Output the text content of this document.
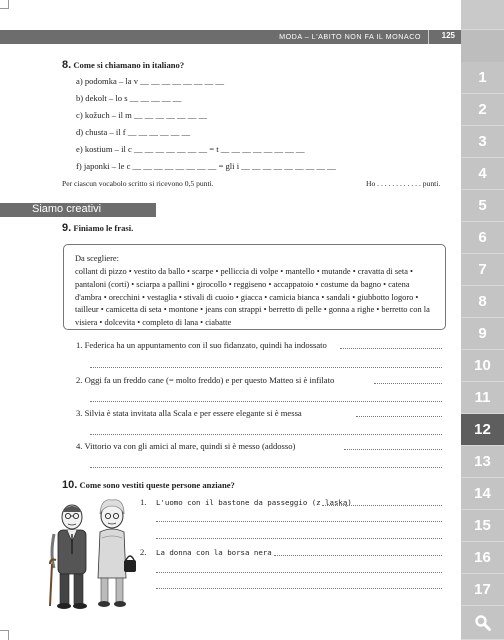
MODA – L'ABITO NON FA IL MONACO	125
1
2
3
4
5
6
7
8
9
10
11
12
13
14
15
16
17
8. Come si chiamano in italiano?
a) podomka – la v __ __ __ __ __ __ __ __
b) dekolt – lo s __ __ __ __ __
c) kožuch – il m __ __ __ __ __ __ __
d) chusta – il f __ __ __ __ __ __
e) kostium – il c __ __ __ __ __ __ __ = t __ __ __ __ __ __ __ __
f) japonki – le c __ __ __ __ __ __ __ __ = gli i __ __ __ __ __ __ __ __ __
Per ciascun vocabolo scritto si ricevono 0,5 punti.	Ho . . . . . . . . . . . . punti.
Siamo creativi
9. Finiamo le frasi.
Da scegliere:
collant di pizzo • vestito da ballo • scarpe • pelliccia di volpe • mantello • mutande • cravatta di seta • pantaloni (corti) • sciarpa a pallini • girocollo • reggiseno • accappatoio • costume da bagno • catena d'ambra • orecchini • vestaglia • stivali di cuoio • giacca • camicia bianca • sandali • giubbotto logoro • tailleur • camicetta di seta • montone • jeans con strappi • berretto di pelle • gonna a righe • berretto con la visiera • dolcevita • completo di lana • ciabatte
1. Federica ha un appuntamento con il suo fidanzato, quindi ha indossato
2. Oggi fa un freddo cane (= molto freddo) e per questo Matteo si è infilato
3. Silvia è stata invitata alla Scala e per essere elegante si è messa
4. Vittorio va con gli amici al mare, quindi si è messo (addosso)
10. Come sono vestiti queste persone anziane?
1. L'uomo con il bastone da passeggio (z laską)
2. La donna con la borsa nera
